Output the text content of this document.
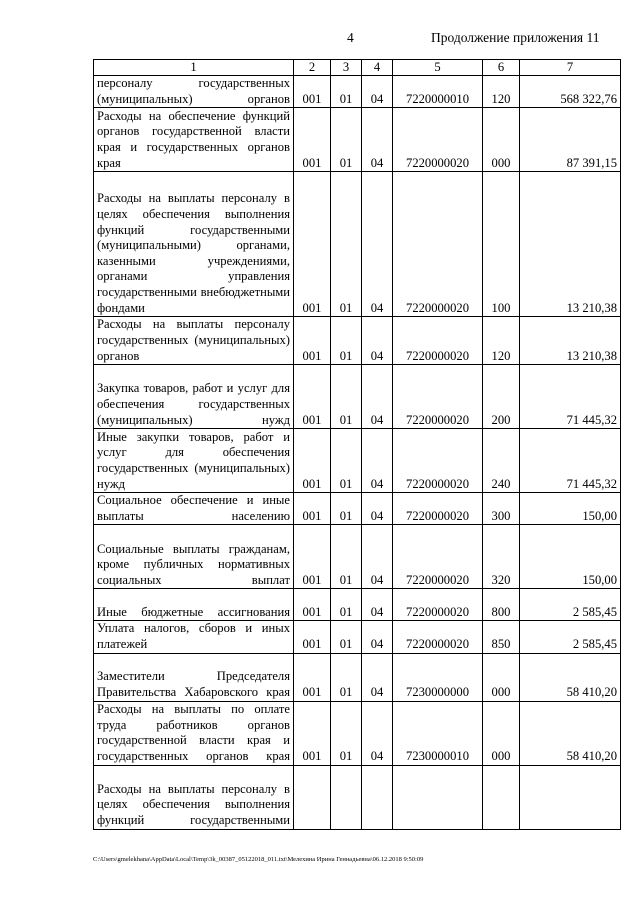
4	Продолжение приложения 11
1	2	3	4	5	6	7
персоналу государственных (муниципальных) органов	001	01	04	7220000010	120	568 322,76
Расходы на обеспечение функций органов государственной власти края и государственных органов края	001	01	04	7220000020	000	87 391,15
Расходы на выплаты персоналу в целях обеспечения выполнения функций государственными (муниципальными) органами, казенными учреждениями, органами управления государственными внебюджетными фондами	001	01	04	7220000020	100	13 210,38
Расходы на выплаты персоналу государственных (муниципальных) органов	001	01	04	7220000020	120	13 210,38
Закупка товаров, работ и услуг для обеспечения государственных (муниципальных) нужд	001	01	04	7220000020	200	71 445,32
Иные закупки товаров, работ и услуг для обеспечения государственных (муниципальных) нужд	001	01	04	7220000020	240	71 445,32
Социальное обеспечение и иные выплаты населению	001	01	04	7220000020	300	150,00
Социальные выплаты гражданам, кроме публичных нормативных социальных выплат	001	01	04	7220000020	320	150,00
Иные бюджетные ассигнования	001	01	04	7220000020	800	2 585,45
Уплата налогов, сборов и иных платежей	001	01	04	7220000020	850	2 585,45
Заместители Председателя Правительства Хабаровского края	001	01	04	7230000000	000	58 410,20
Расходы на выплаты по оплате труда работников органов государственной власти края и государственных органов края	001	01	04	7230000010	000	58 410,20
Расходы на выплаты персоналу в целях обеспечения выполнения функций государственными						
C:\Users\gmelekhana\AppData\Local\Temp\3k_00387_05122018_011.txt\Мелехина Ирина Геннадьевна\06.12.2018 9:50:09
